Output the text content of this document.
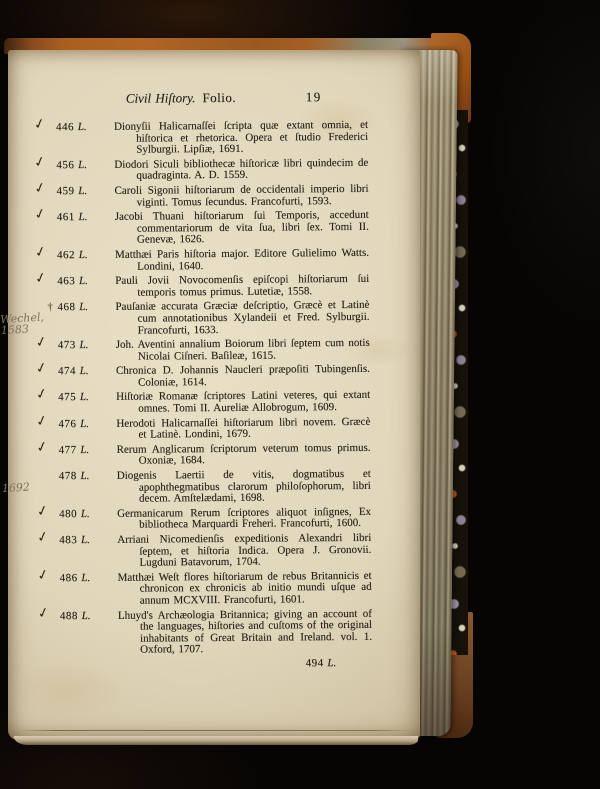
Civil Hiſtory. Folio.	19
✓ 446 L. Dionyſii Halicarnaſſei ſcripta quæ extant omnia, et hiſtorica et rhetorica. Opera et ſtudio Frederici Sylburgii. Lipſiæ, 1691.
✓ 456 L. Diodori Siculi bibliothecæ hiſtoricæ libri quindecim de quadraginta. A. D. 1559.
✓ 459 L. Caroli Sigonii hiſtoriarum de occidentali imperio libri viginti. Tomus ſecundus. Francofurti, 1593.
✓ 461 L. Jacobi Thuani hiſtoriarum ſui Temporis, accedunt commentariorum de vita ſua, libri ſex. Tomi II. Genevæ, 1626.
✓ 462 L. Matthæi Paris hiſtoria major. Editore Gulielimo Watts. Londini, 1640.
✓ 463 L. Pauli Jovii Novocomenſis epiſcopi hiſtoriarum ſui temporis tomus primus. Lutetiæ, 1558.
† 468 L. Pauſaniæ accurata Græciæ deſcriptio, Græcè et Latinè cum annotationibus Xylandeii et Fred. Sylburgii. Francofurti, 1633.
Wechel, 1583
✓ 473 L. Joh. Aventini annalium Boiorum libri ſeptem cum notis Nicolai Ciſneri. Baſileæ, 1615.
✓ 474 L. Chronica D. Johannis Naucleri præpoſiti Tubingenſis. Coloniæ, 1614.
✓ 475 L. Hiſtoriæ Romanæ ſcriptores Latini veteres, qui extant omnes. Tomi II. Aureliæ Allobrogum, 1609.
✓ 476 L. Herodoti Halicarnaſſei hiſtoriarum libri novem. Græcè et Latinè. Londini, 1679.
✓ 477 L. Rerum Anglicarum ſcriptorum veterum tomus primus. Oxoniæ, 1684.
478 L. Diogenis Laertii de vitis, dogmatibus et apophthegmatibus clarorum philoſophorum, libri decem. Amſtelædami, 1698.
1692
✓ 480 L. Germanicarum Rerum ſcriptores aliquot inſignes, Ex bibliotheca Marquardi Freheri. Francofurti, 1600.
✓ 483 L. Arriani Nicomedienſis expeditionis Alexandri libri ſeptem, et hiſtoria Indica. Opera J. Gronovii. Lugduni Batavorum, 1704.
✓ 486 L. Matthæi Weſt flores hiſtoriarum de rebus Britannicis et chronicon ex chronicis ab initio mundi uſque ad annum MCXVIII. Francofurti, 1601.
✓ 488 L. Lhuyd's Archæologia Britannica; giving an account of the languages, hiſtories and cuſtoms of the original inhabitants of Great Britain and Ireland. vol. 1. Oxford, 1707.
494 L.
